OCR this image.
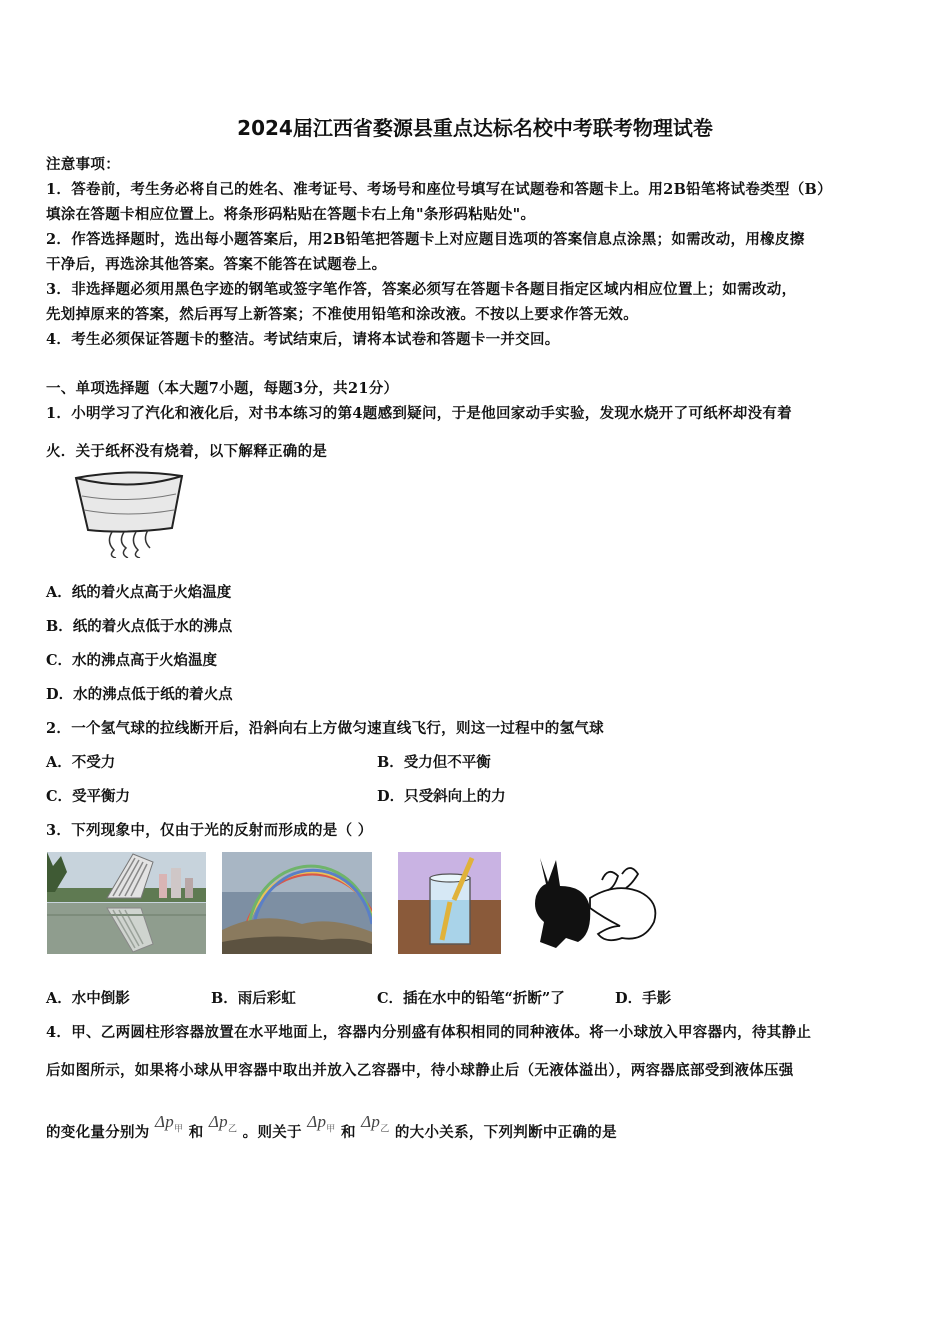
2024届江西省婺源县重点达标名校中考联考物理试卷
注意事项：
1．答卷前，考生务必将自己的姓名、准考证号、考场号和座位号填写在试题卷和答题卡上。用2B铅笔将试卷类型（B）
填涂在答题卡相应位置上。将条形码粘贴在答题卡右上角"条形码粘贴处"。
2．作答选择题时，选出每小题答案后，用2B铅笔把答题卡上对应题目选项的答案信息点涂黑；如需改动，用橡皮擦
干净后，再选涂其他答案。答案不能答在试题卷上。
3．非选择题必须用黑色字迹的钢笔或签字笔作答，答案必须写在答题卡各题目指定区域内相应位置上；如需改动，
先划掉原来的答案，然后再写上新答案；不准使用铅笔和涂改液。不按以上要求作答无效。
4．考生必须保证答题卡的整洁。考试结束后，请将本试卷和答题卡一并交回。
一、单项选择题（本大题7小题，每题3分，共21分）
1．小明学习了汽化和液化后，对书本练习的第4题感到疑问，于是他回家动手实验，发现水烧开了可纸杯却没有着
火．关于纸杯没有烧着，以下解释正确的是
A．纸的着火点高于火焰温度
B．纸的着火点低于水的沸点
C．水的沸点高于火焰温度
D．水的沸点低于纸的着火点
2．一个氢气球的拉线断开后，沿斜向右上方做匀速直线飞行，则这一过程中的氢气球
A．不受力	B．受力但不平衡
C．受平衡力	D．只受斜向上的力
3．下列现象中，仅由于光的反射而形成的是（ ）
A．水中倒影	B．雨后彩虹	C．插在水中的铅笔“折断”了	D．手影
4．甲、乙两圆柱形容器放置在水平地面上，容器内分别盛有体积相同的同种液体。将一小球放入甲容器内，待其静止
后如图所示，如果将小球从甲容器中取出并放入乙容器中，待小球静止后（无液体溢出），两容器底部受到液体压强
的变化量分别为 $\Delta p_甲$ 和 $\Delta p_乙$ 。则关于 $\Delta p_甲$ 和 $\Delta p_乙$ 的大小关系，下列判断中正确的是
